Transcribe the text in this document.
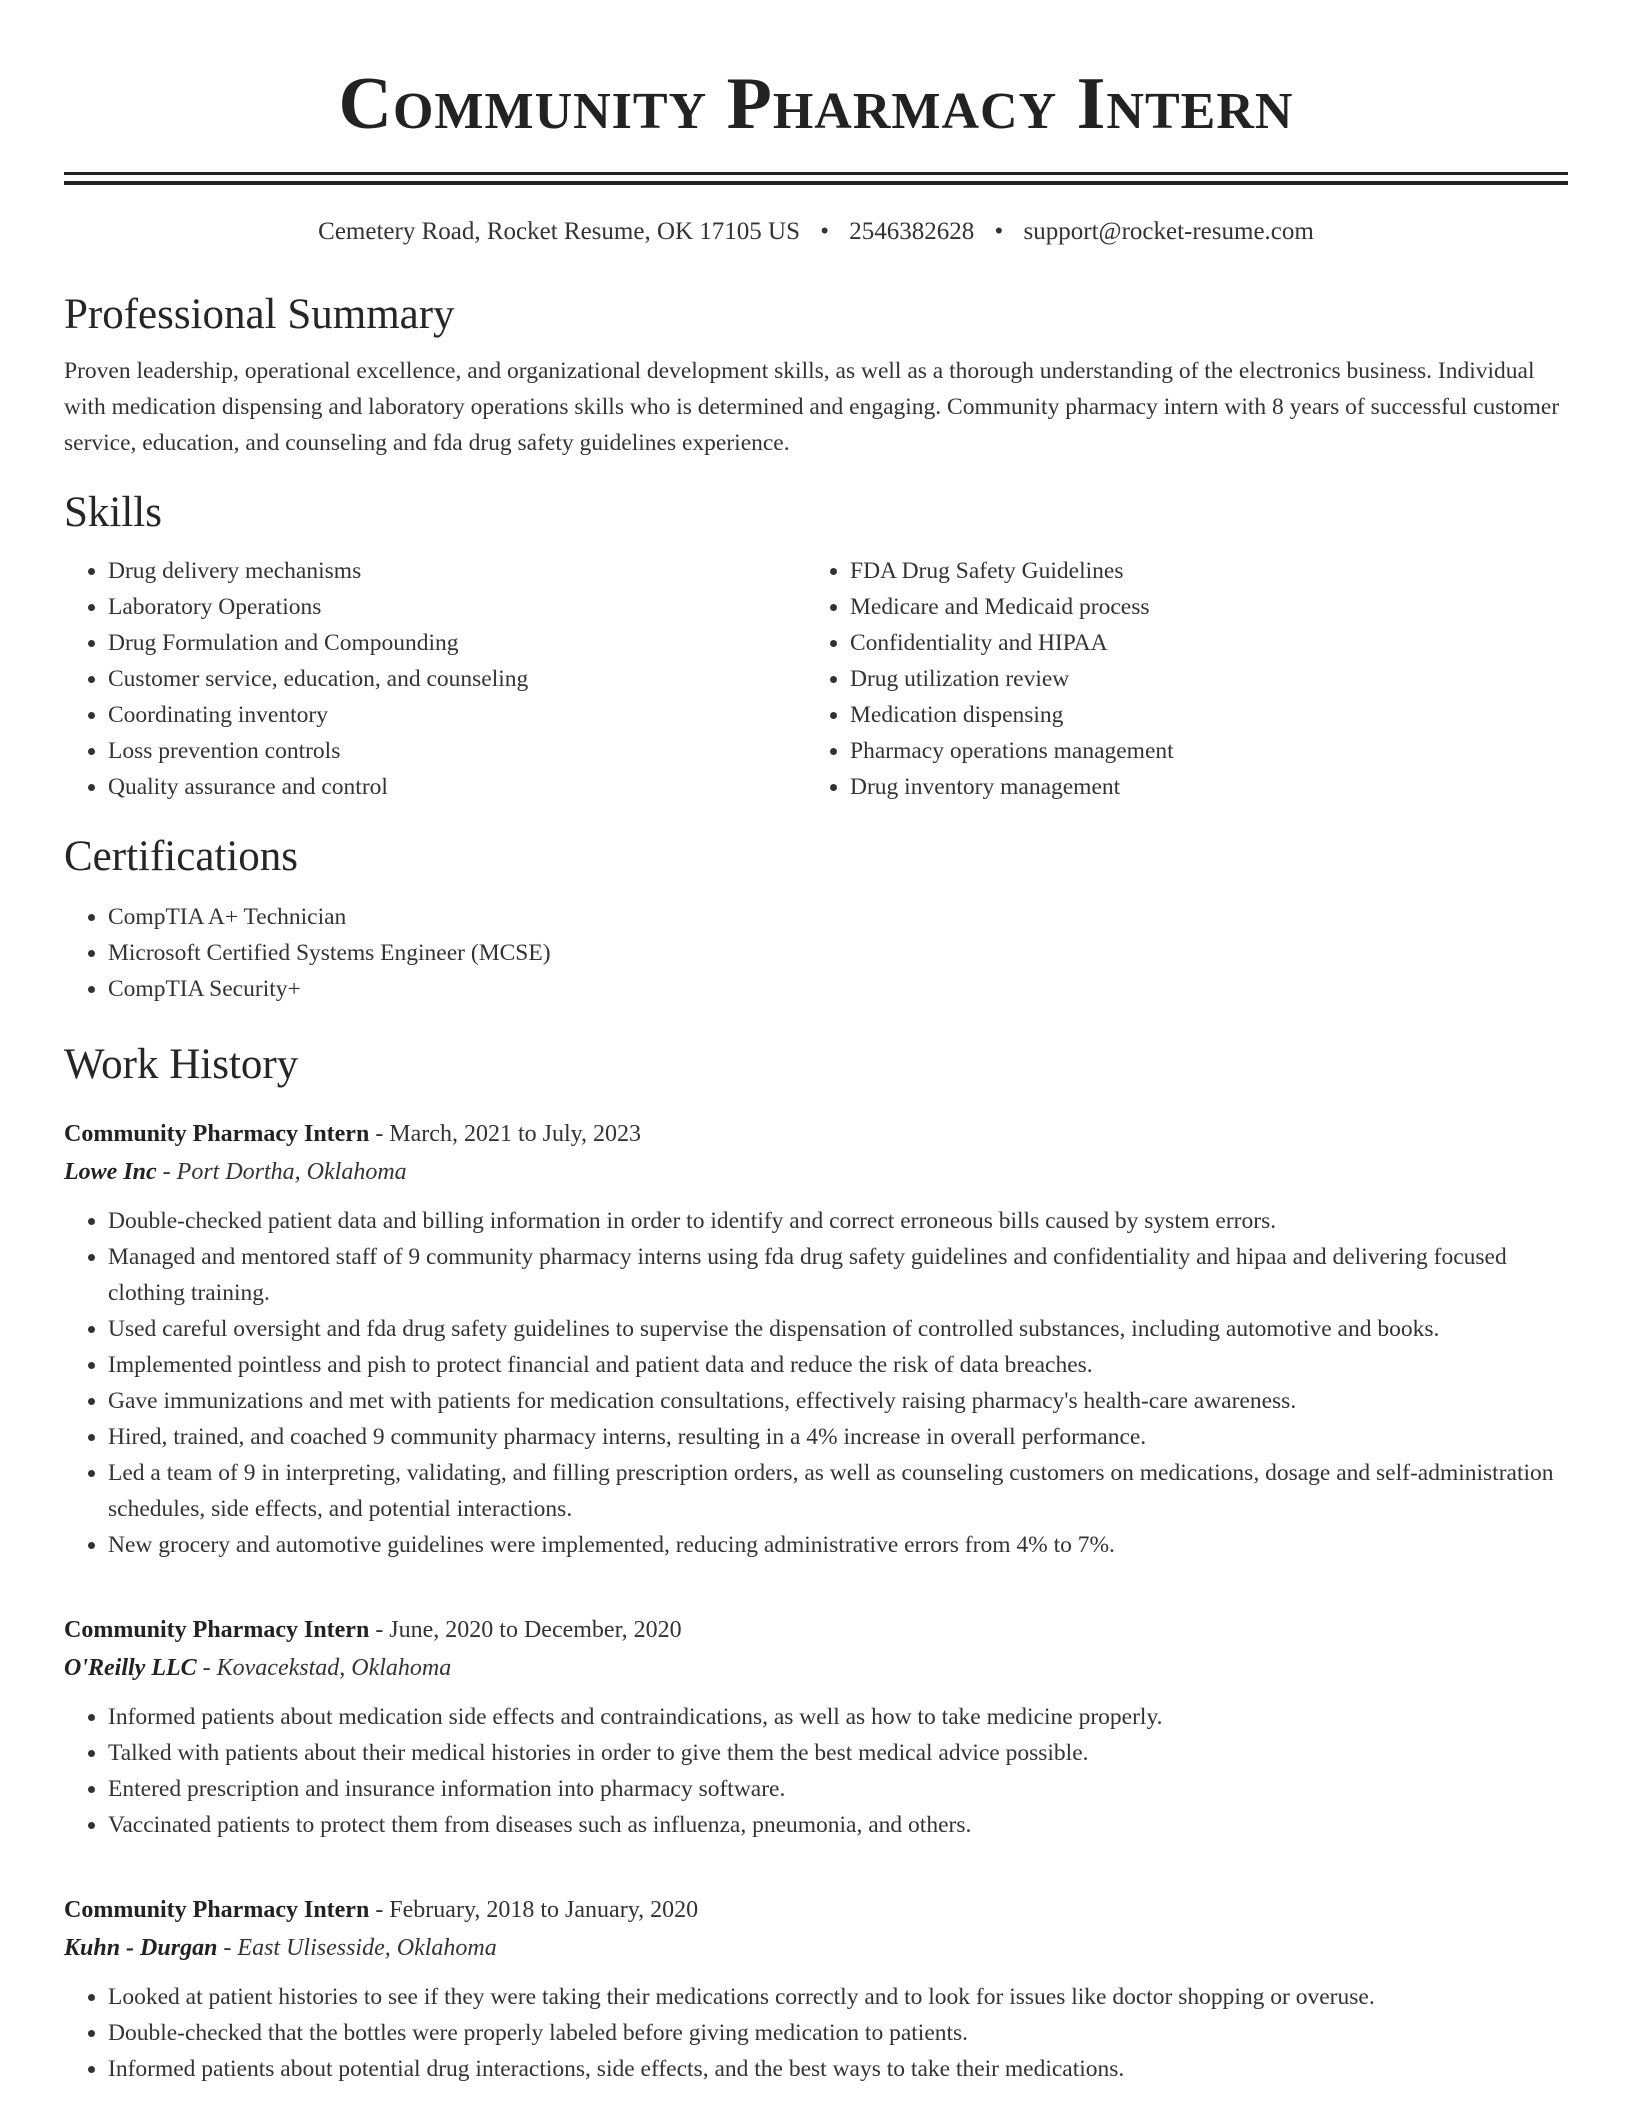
Community Pharmacy Intern
Cemetery Road, Rocket Resume, OK 17105 US • 2546382628 • support@rocket-resume.com
Professional Summary
Proven leadership, operational excellence, and organizational development skills, as well as a thorough understanding of the electronics business. Individual with medication dispensing and laboratory operations skills who is determined and engaging. Community pharmacy intern with 8 years of successful customer service, education, and counseling and fda drug safety guidelines experience.
Skills
• Drug delivery mechanisms
• Laboratory Operations
• Drug Formulation and Compounding
• Customer service, education, and counseling
• Coordinating inventory
• Loss prevention controls
• Quality assurance and control
• FDA Drug Safety Guidelines
• Medicare and Medicaid process
• Confidentiality and HIPAA
• Drug utilization review
• Medication dispensing
• Pharmacy operations management
• Drug inventory management
Certifications
• CompTIA A+ Technician
• Microsoft Certified Systems Engineer (MCSE)
• CompTIA Security+
Work History
Community Pharmacy Intern - March, 2021 to July, 2023
Lowe Inc - Port Dortha, Oklahoma
• Double-checked patient data and billing information in order to identify and correct erroneous bills caused by system errors.
• Managed and mentored staff of 9 community pharmacy interns using fda drug safety guidelines and confidentiality and hipaa and delivering focused clothing training.
• Used careful oversight and fda drug safety guidelines to supervise the dispensation of controlled substances, including automotive and books.
• Implemented pointless and pish to protect financial and patient data and reduce the risk of data breaches.
• Gave immunizations and met with patients for medication consultations, effectively raising pharmacy's health-care awareness.
• Hired, trained, and coached 9 community pharmacy interns, resulting in a 4% increase in overall performance.
• Led a team of 9 in interpreting, validating, and filling prescription orders, as well as counseling customers on medications, dosage and self-administration schedules, side effects, and potential interactions.
• New grocery and automotive guidelines were implemented, reducing administrative errors from 4% to 7%.
Community Pharmacy Intern - June, 2020 to December, 2020
O'Reilly LLC - Kovacekstad, Oklahoma
• Informed patients about medication side effects and contraindications, as well as how to take medicine properly.
• Talked with patients about their medical histories in order to give them the best medical advice possible.
• Entered prescription and insurance information into pharmacy software.
• Vaccinated patients to protect them from diseases such as influenza, pneumonia, and others.
Community Pharmacy Intern - February, 2018 to January, 2020
Kuhn - Durgan - East Ulisesside, Oklahoma
• Looked at patient histories to see if they were taking their medications correctly and to look for issues like doctor shopping or overuse.
• Double-checked that the bottles were properly labeled before giving medication to patients.
• Informed patients about potential drug interactions, side effects, and the best ways to take their medications.
